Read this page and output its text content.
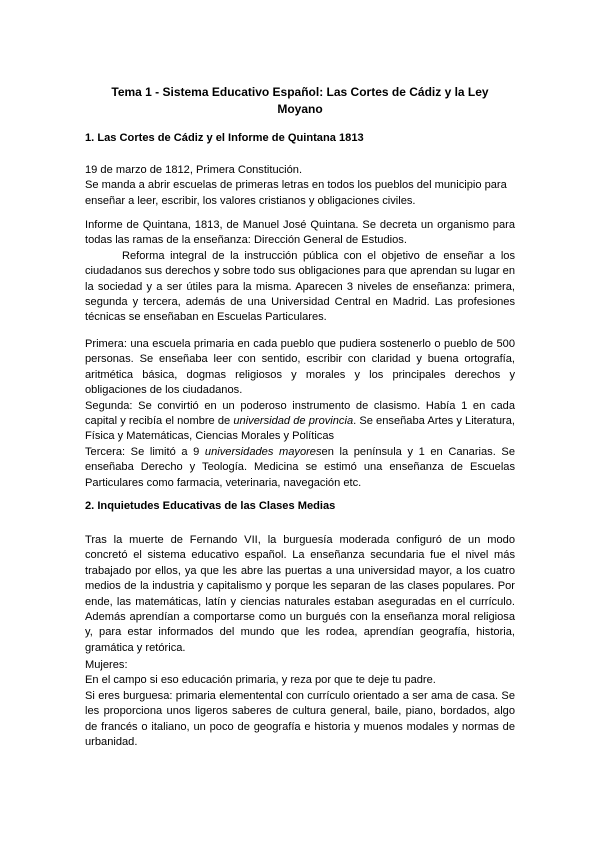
Tema 1 - Sistema Educativo Español: Las Cortes de Cádiz y la Ley Moyano
1. Las Cortes de Cádiz y el Informe de Quintana 1813

19 de marzo de 1812, Primera Constitución.

Se manda a abrir escuelas de primeras letras en todos los pueblos del municipio para enseñar a leer, escribir, los valores cristianos y obligaciones civiles.

Informe de Quintana, 1813, de Manuel José Quintana. Se decreta un organismo para todas las ramas de la enseñanza: Dirección General de Estudios.

Reforma integral de la instrucción pública con el objetivo de enseñar a los ciudadanos sus derechos y sobre todo sus obligaciones para que aprendan su lugar en la sociedad y a ser útiles para la misma. Aparecen 3 niveles de enseñanza: primera, segunda y tercera, además de una Universidad Central en Madrid. Las profesiones técnicas se enseñaban en Escuelas Particulares.

Primera: una escuela primaria en cada pueblo que pudiera sostenerlo o pueblo de 500 personas. Se enseñaba leer con sentido, escribir con claridad y buena ortografía, aritmética básica, dogmas religiosos y morales y los principales derechos y obligaciones de los ciudadanos.

Segunda: Se convirtió en un poderoso instrumento de clasismo. Había 1 en cada capital y recibía el nombre de universidad de provincia. Se enseñaba Artes y Literatura, Física y Matemáticas, Ciencias Morales y Políticas

Tercera: Se limitó a 9 universidades mayoresen la península y 1 en Canarias. Se enseñaba Derecho y Teología. Medicina se estimó una enseñanza de Escuelas Particulares como farmacia, veterinaria, navegación etc.

2. Inquietudes Educativas de las Clases Medias

Tras la muerte de Fernando VII, la burguesía moderada configuró de un modo concretó el sistema educativo español. La enseñanza secundaria fue el nivel más trabajado por ellos, ya que les abre las puertas a una universidad mayor, a los cuatro medios de la industria y capitalismo y porque les separan de las clases populares. Por ende, las matemáticas, latín y ciencias naturales estaban aseguradas en el currículo. Además aprendían a comportarse como un burgués con la enseñanza moral religiosa y, para estar informados del mundo que les rodea, aprendían geografía, historia, gramática y retórica.

Mujeres:

En el campo si eso educación primaria, y reza por que te deje tu padre.

Si eres burguesa: primaria elementental con currículo orientado a ser ama de casa. Se les proporciona unos ligeros saberes de cultura general, baile, piano, bordados, algo de francés o italiano, un poco de geografía e historia y muenos modales y normas de urbanidad.
